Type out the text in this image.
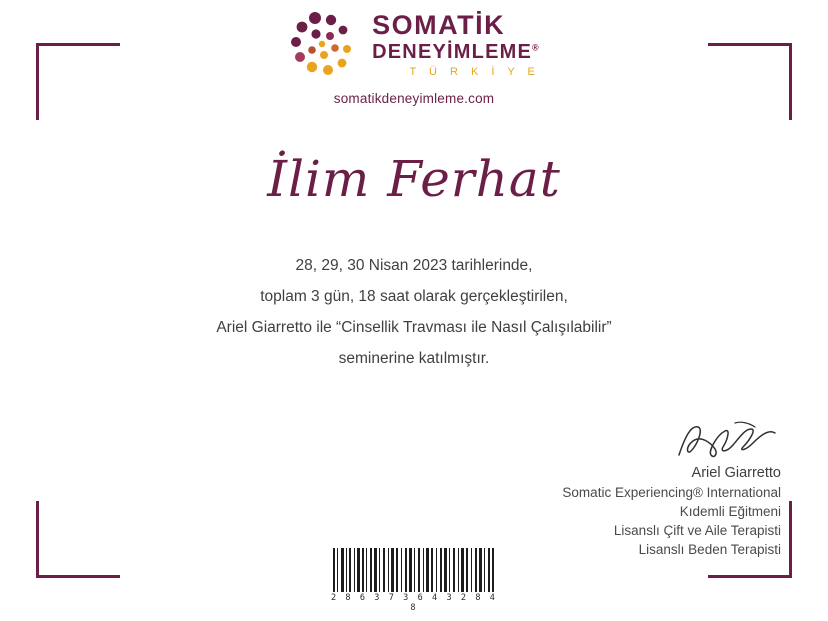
SOMATİK
DENEYİMLEME®
T Ü R K İ Y E
somatikdeneyimleme.com
İlim Ferhat
28, 29, 30 Nisan 2023 tarihlerinde,
toplam 3 gün, 18 saat olarak gerçekleştirilen,
Ariel Giarretto ile “Cinsellik Travması ile Nasıl Çalışılabilir”
seminerine katılmıştır.
Ariel Giarretto
Somatic Experiencing® International
Kıdemli Eğitmeni
Lisanslı Çift ve Aile Terapisti
Lisanslı Beden Terapisti
2 8 6 3 7 3 6 4 3 2 8 4 8
